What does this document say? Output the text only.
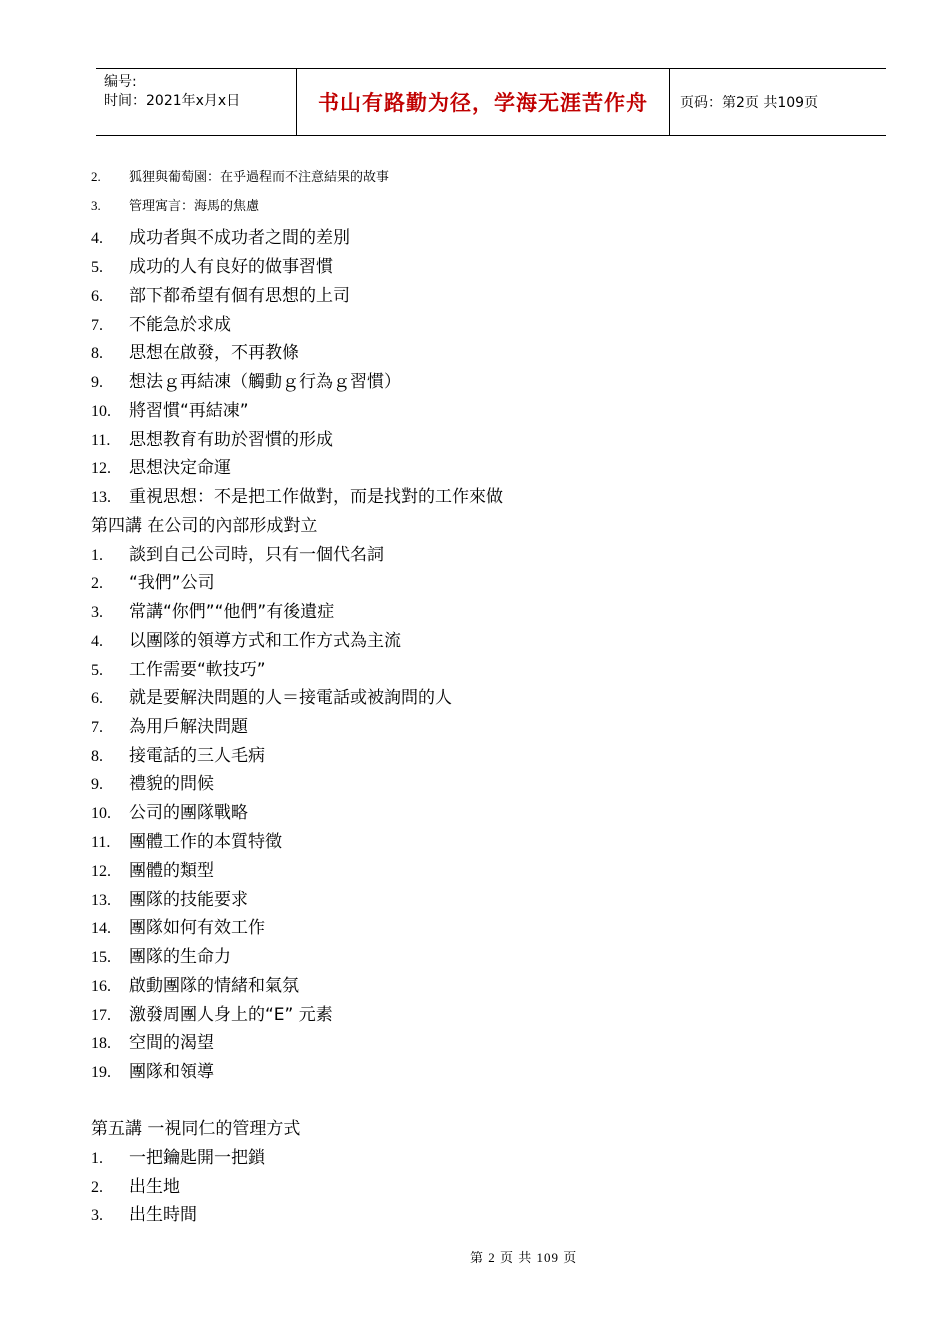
编号:
时间：2021年x月x日	书山有路勤为径，学海无涯苦作舟 页码：第2页 共109页
2.	狐狸與葡萄園：在乎過程而不注意結果的故事
3.	管理寓言：海馬的焦慮
4.	成功者與不成功者之間的差別
5.	成功的人有良好的做事習慣
6.	部下都希望有個有思想的上司
7.	不能急於求成
8.	思想在啟發，不再教條
9.	想法ｇ再結凍（觸動ｇ行為ｇ習慣）
10.	將習慣“再結凍”
11.	思想教育有助於習慣的形成
12.	思想決定命運
13.	重視思想：不是把工作做對，而是找對的工作來做
第四講 在公司的內部形成對立
1.	談到自己公司時，只有一個代名詞
2.	“我們”公司
3.	常講“你們”“他們”有後遺症
4.	以團隊的領導方式和工作方式為主流
5.	工作需要“軟技巧”
6.	就是要解決問題的人＝接電話或被詢問的人
7.	為用戶解決問題
8.	接電話的三人毛病
9.	禮貌的問候
10.	公司的團隊戰略
11.	團體工作的本質特徵
12.	團體的類型
13.	團隊的技能要求
14.	團隊如何有效工作
15.	團隊的生命力
16.	啟動團隊的情緒和氣氛
17.	激發周團人身上的“E” 元素
18.	空間的渴望
19.	團隊和領導
第五講 一視同仁的管理方式
1.	一把鑰匙開一把鎖
2.	出生地
3.	出生時間
第 2 页 共 109 页
